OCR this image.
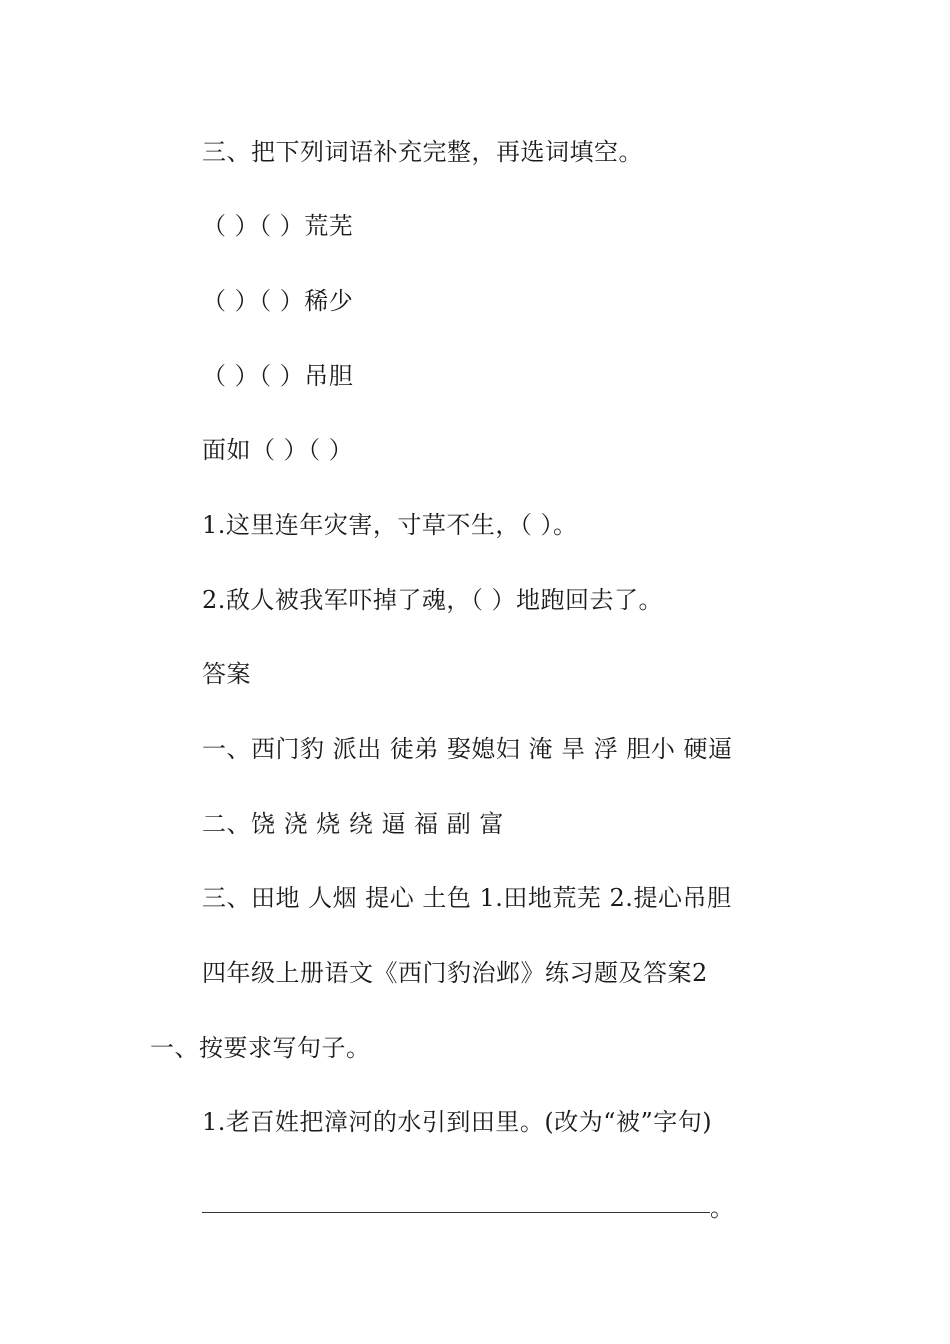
三、把下列词语补充完整，再选词填空。
（ ）（ ）荒芜
（ ）（ ）稀少
（ ）（ ）吊胆
面如（ ）（ ）
1.这里连年灾害，寸草不生，（ ）。
2.敌人被我军吓掉了魂，（ ）地跑回去了。
答案
一、西门豹 派出 徒弟 娶媳妇 淹 旱 浮 胆小 硬逼
二、饶 浇 烧 绕 逼 福 副 富
三、田地 人烟 提心 土色 1.田地荒芜 2.提心吊胆
四年级上册语文《西门豹治邺》练习题及答案2
一、按要求写句子。
1.老百姓把漳河的水引到田里。(改为“被”字句)
。
